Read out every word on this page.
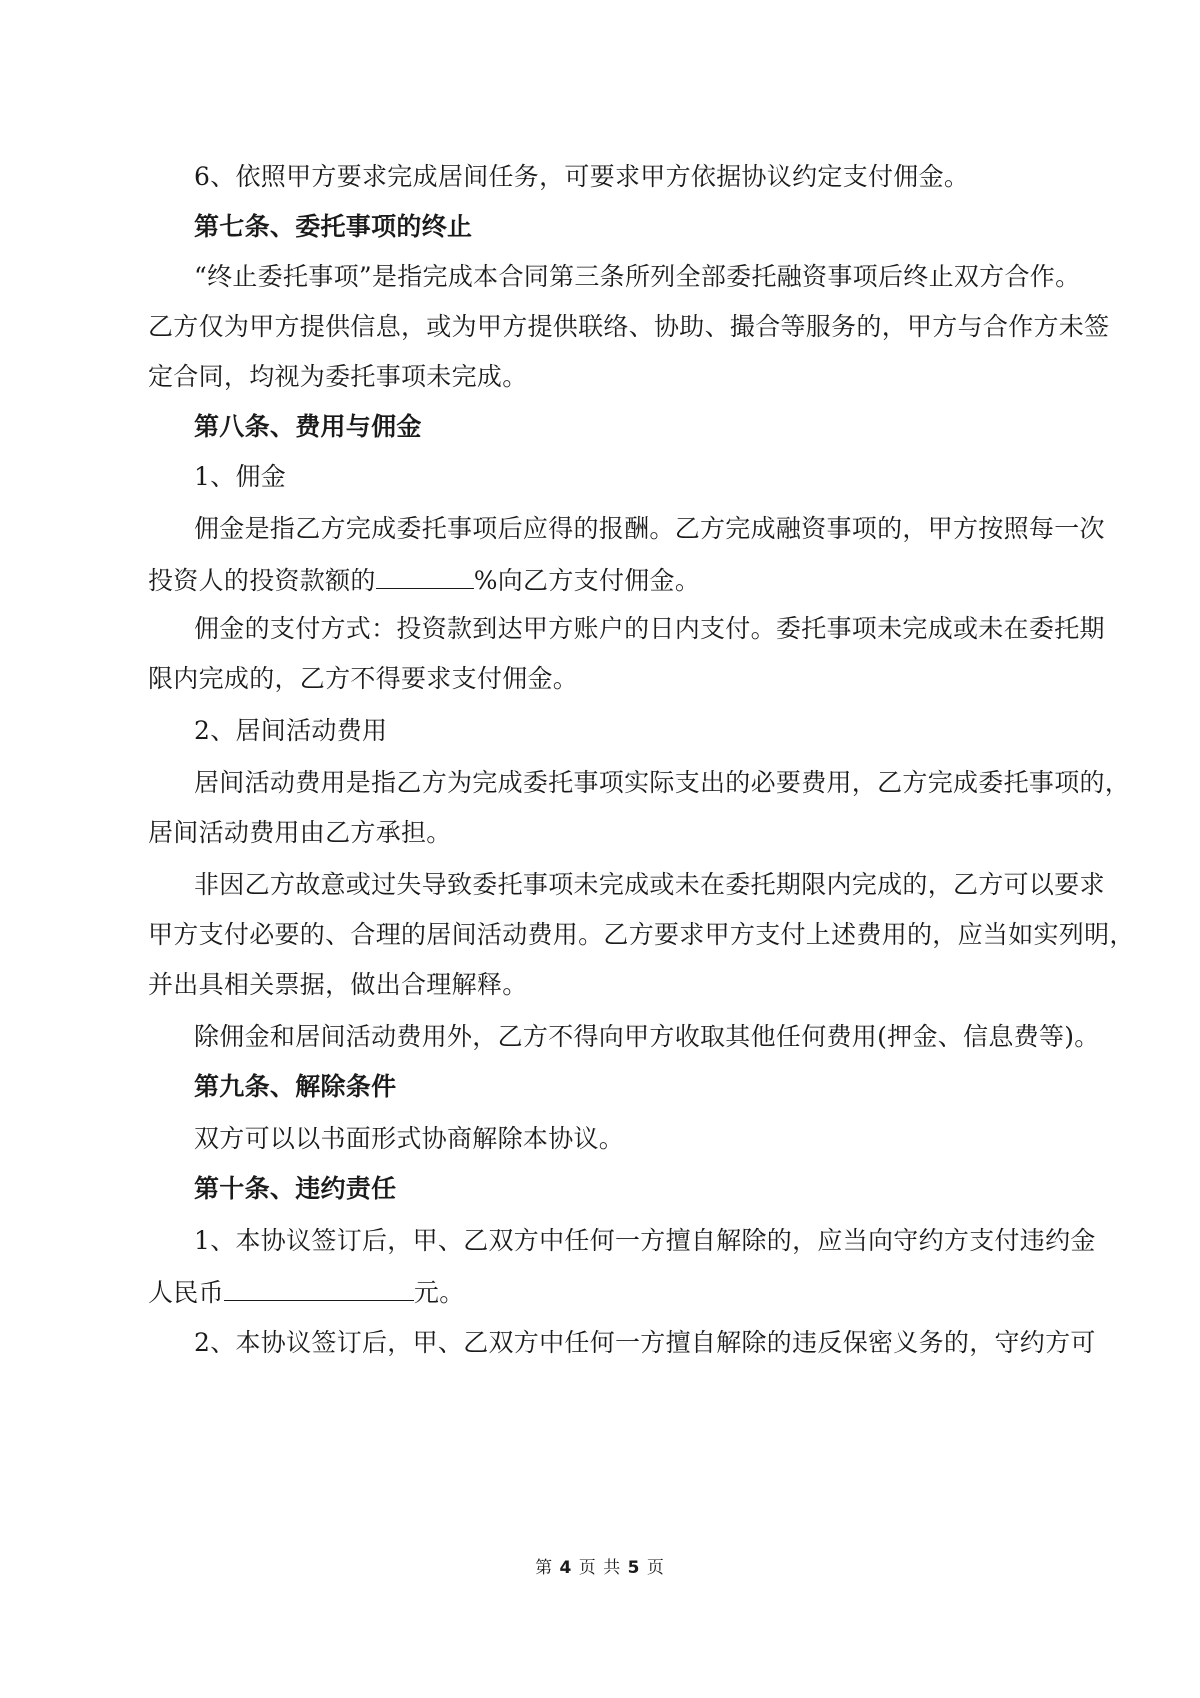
6、依照甲方要求完成居间任务，可要求甲方依据协议约定支付佣金。
第七条、委托事项的终止
“终止委托事项”是指完成本合同第三条所列全部委托融资事项后终止双方合作。
乙方仅为甲方提供信息，或为甲方提供联络、协助、撮合等服务的，甲方与合作方未签
定合同，均视为委托事项未完成。
第八条、费用与佣金
1、佣金
佣金是指乙方完成委托事项后应得的报酬。乙方完成融资事项的，甲方按照每一次
投资人的投资款额的	%向乙方支付佣金。
佣金的支付方式：投资款到达甲方账户的日内支付。委托事项未完成或未在委托期
限内完成的，乙方不得要求支付佣金。
2、居间活动费用
居间活动费用是指乙方为完成委托事项实际支出的必要费用，乙方完成委托事项的，
居间活动费用由乙方承担。
非因乙方故意或过失导致委托事项未完成或未在委托期限内完成的，乙方可以要求
甲方支付必要的、合理的居间活动费用。乙方要求甲方支付上述费用的，应当如实列明，
并出具相关票据，做出合理解释。
除佣金和居间活动费用外，乙方不得向甲方收取其他任何费用(押金、信息费等)。
第九条、解除条件
双方可以以书面形式协商解除本协议。
第十条、违约责任
1、本协议签订后，甲、乙双方中任何一方擅自解除的，应当向守约方支付违约金
人民币	元。
2、本协议签订后，甲、乙双方中任何一方擅自解除的违反保密义务的，守约方可
第 4 页 共 5 页
